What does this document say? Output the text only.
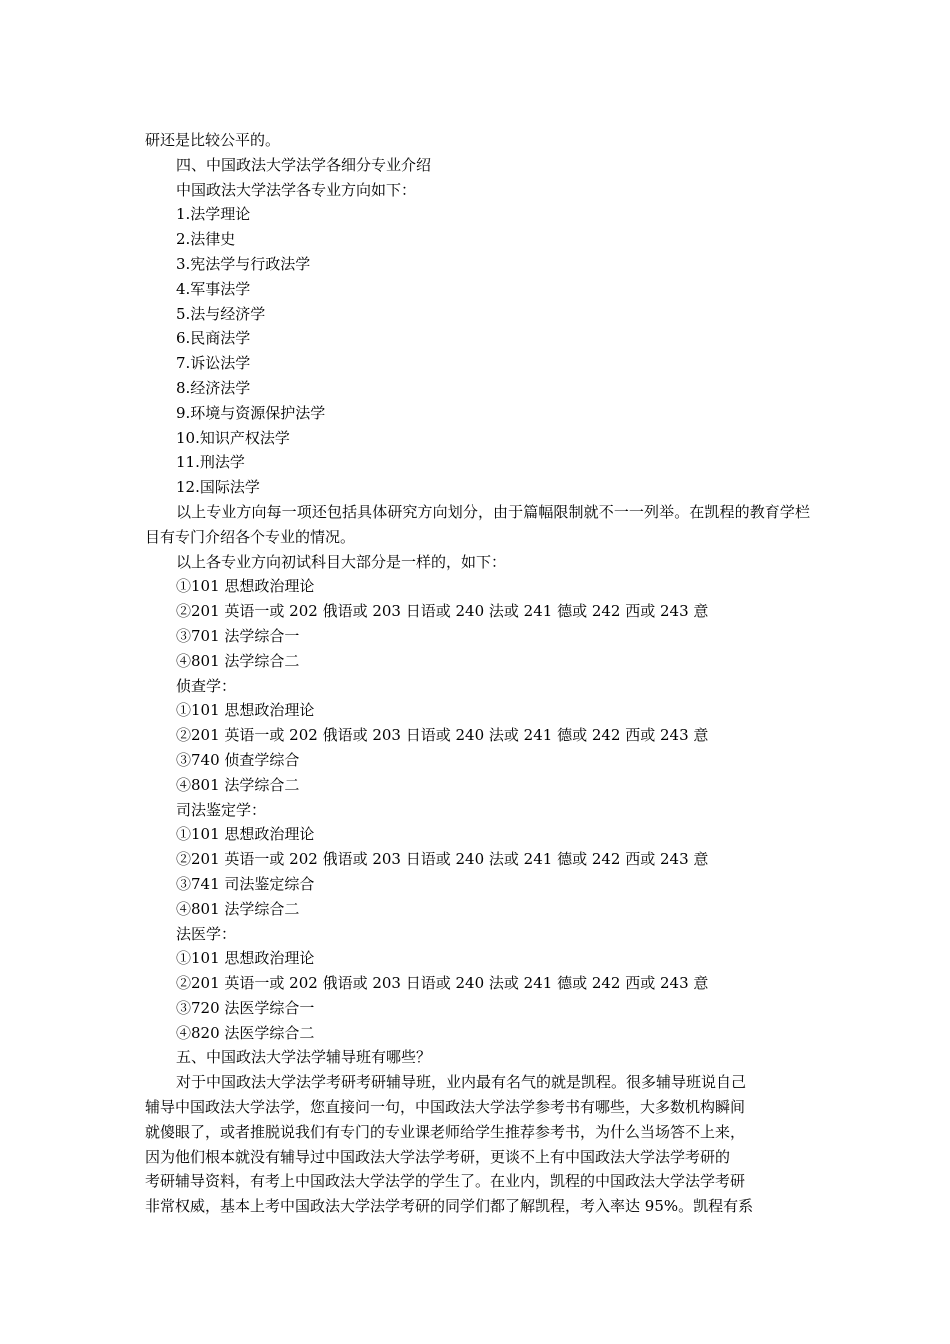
研还是比较公平的。
四、中国政法大学法学各细分专业介绍
中国政法大学法学各专业方向如下：
1.法学理论
2.法律史
3.宪法学与行政法学
4.军事法学
5.法与经济学
6.民商法学
7.诉讼法学
8.经济法学
9.环境与资源保护法学
10.知识产权法学
11.刑法学
12.国际法学

以上专业方向每一项还包括具体研究方向划分，由于篇幅限制就不一一列举。在凯程的教育学栏目有专门介绍各个专业的情况。

以上各专业方向初试科目大部分是一样的，如下：
①101 思想政治理论
②201 英语一或 202 俄语或 203 日语或 240 法或 241 德或 242 西或 243 意
③701 法学综合一
④801 法学综合二
侦查学：
①101 思想政治理论
②201 英语一或 202 俄语或 203 日语或 240 法或 241 德或 242 西或 243 意
③740 侦查学综合
④801 法学综合二
司法鉴定学：
①101 思想政治理论
②201 英语一或 202 俄语或 203 日语或 240 法或 241 德或 242 西或 243 意
③741 司法鉴定综合
④801 法学综合二
法医学：
①101 思想政治理论
②201 英语一或 202 俄语或 203 日语或 240 法或 241 德或 242 西或 243 意
③720 法医学综合一
④820 法医学综合二
五、中国政法大学法学辅导班有哪些？
对于中国政法大学法学考研考研辅导班，业内最有名气的就是凯程。很多辅导班说自己
辅导中国政法大学法学，您直接问一句，中国政法大学法学参考书有哪些，大多数机构瞬间
就傻眼了，或者推脱说我们有专门的专业课老师给学生推荐参考书，为什么当场答不上来，
因为他们根本就没有辅导过中国政法大学法学考研，更谈不上有中国政法大学法学考研的
考研辅导资料，有考上中国政法大学法学的学生了。在业内，凯程的中国政法大学法学考研
非常权威，基本上考中国政法大学法学考研的同学们都了解凯程，考入率达 95%。凯程有系
